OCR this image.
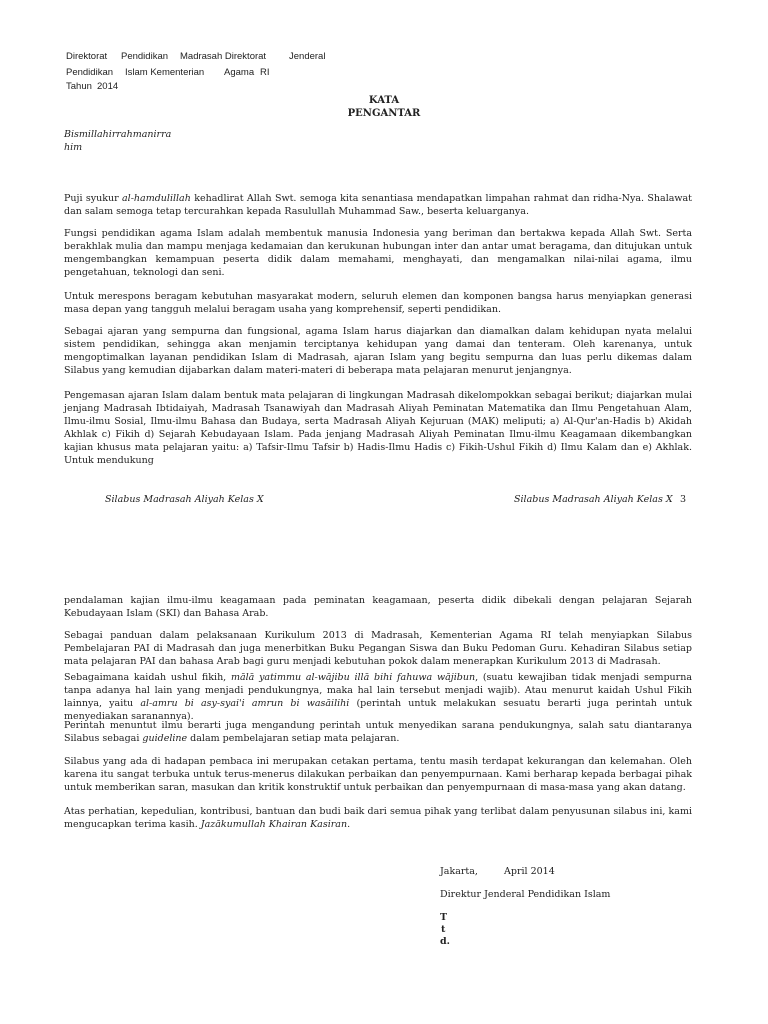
Direktorat Pendidikan Madrasah Direktorat Jenderal
Pendidikan Islam Kementerian Agama RI
Tahun 2014
KATA
PENGANTAR
Bismillahirrahmanirra
him
Puji syukur al-hamdulillah kehadlirat Allah Swt. semoga kita senantiasa mendapatkan limpahan rahmat dan ridha-Nya. Shalawat dan salam semoga tetap tercurahkan kepada Rasulullah Muhammad Saw., beserta keluarganya.
Fungsi pendidikan agama Islam adalah membentuk manusia Indonesia yang beriman dan bertakwa kepada Allah Swt. Serta berakhlak mulia dan mampu menjaga kedamaian dan kerukunan hubungan inter dan antar umat beragama, dan ditujukan untuk mengembangkan kemampuan peserta didik dalam memahami, menghayati, dan mengamalkan nilai-nilai agama, ilmu pengetahuan, teknologi dan seni.
Untuk merespons beragam kebutuhan masyarakat modern, seluruh elemen dan komponen bangsa harus menyiapkan generasi masa depan yang tangguh melalui beragam usaha yang komprehensif, seperti pendidikan.
Sebagai ajaran yang sempurna dan fungsional, agama Islam harus diajarkan dan diamalkan dalam kehidupan nyata melalui sistem pendidikan, sehingga akan menjamin terciptanya kehidupan yang damai dan tenteram. Oleh karenanya, untuk mengoptimalkan layanan pendidikan Islam di Madrasah, ajaran Islam yang begitu sempurna dan luas perlu dikemas dalam Silabus yang kemudian dijabarkan dalam materi-materi di beberapa mata pelajaran menurut jenjangnya.
Pengemasan ajaran Islam dalam bentuk mata pelajaran di lingkungan Madrasah dikelompokkan sebagai berikut; diajarkan mulai jenjang Madrasah Ibtidaiyah, Madrasah Tsanawiyah dan Madrasah Aliyah Peminatan Matematika dan Ilmu Pengetahuan Alam, Ilmu-ilmu Sosial, Ilmu-ilmu Bahasa dan Budaya, serta Madrasah Aliyah Kejuruan (MAK) meliputi; a) Al-Qur'an-Hadis b) Akidah Akhlak c) Fikih d) Sejarah Kebudayaan Islam. Pada jenjang Madrasah Aliyah Peminatan Ilmu-ilmu Keagamaan dikembangkan kajian khusus mata pelajaran yaitu: a) Tafsir-Ilmu Tafsir b) Hadis-Ilmu Hadis c) Fikih-Ushul Fikih d) Ilmu Kalam dan e) Akhlak. Untuk mendukung
Silabus Madrasah Aliyah Kelas X	Silabus Madrasah Aliyah Kelas X 3
pendalaman kajian ilmu-ilmu keagamaan pada peminatan keagamaan, peserta didik dibekali dengan pelajaran Sejarah Kebudayaan Islam (SKI) dan Bahasa Arab.
Sebagai panduan dalam pelaksanaan Kurikulum 2013 di Madrasah, Kementerian Agama RI telah menyiapkan Silabus Pembelajaran PAI di Madrasah dan juga menerbitkan Buku Pegangan Siswa dan Buku Pedoman Guru. Kehadiran Silabus setiap mata pelajaran PAI dan bahasa Arab bagi guru menjadi kebutuhan pokok dalam menerapkan Kurikulum 2013 di Madrasah.
Sebagaimana kaidah ushul fikih, mālā yatimmu al-wājibu illā bihi fahuwa wājibun, (suatu kewajiban tidak menjadi sempurna tanpa adanya hal lain yang menjadi pendukungnya, maka hal lain tersebut menjadi wajib). Atau menurut kaidah Ushul Fikih lainnya, yaitu al-amru bi asy-syai'i amrun bi wasāilihi (perintah untuk melakukan sesuatu berarti juga perintah untuk menyediakan saranannya).
Perintah menuntut ilmu berarti juga mengandung perintah untuk menyedikan sarana pendukungnya, salah satu diantaranya Silabus sebagai guideline dalam pembelajaran setiap mata pelajaran.
Silabus yang ada di hadapan pembaca ini merupakan cetakan pertama, tentu masih terdapat kekurangan dan kelemahan. Oleh karena itu sangat terbuka untuk terus-menerus dilakukan perbaikan dan penyempurnaan. Kami berharap kepada berbagai pihak untuk memberikan saran, masukan dan kritik konstruktif untuk perbaikan dan penyempurnaan di masa-masa yang akan datang.
Atas perhatian, kepedulian, kontribusi, bantuan dan budi baik dari semua pihak yang terlibat dalam penyusunan silabus ini, kami mengucapkan terima kasih. Jazākumullah Khairan Kasiran.
Jakarta,	April 2014
Direktur Jenderal Pendidikan Islam
T
t
d.
